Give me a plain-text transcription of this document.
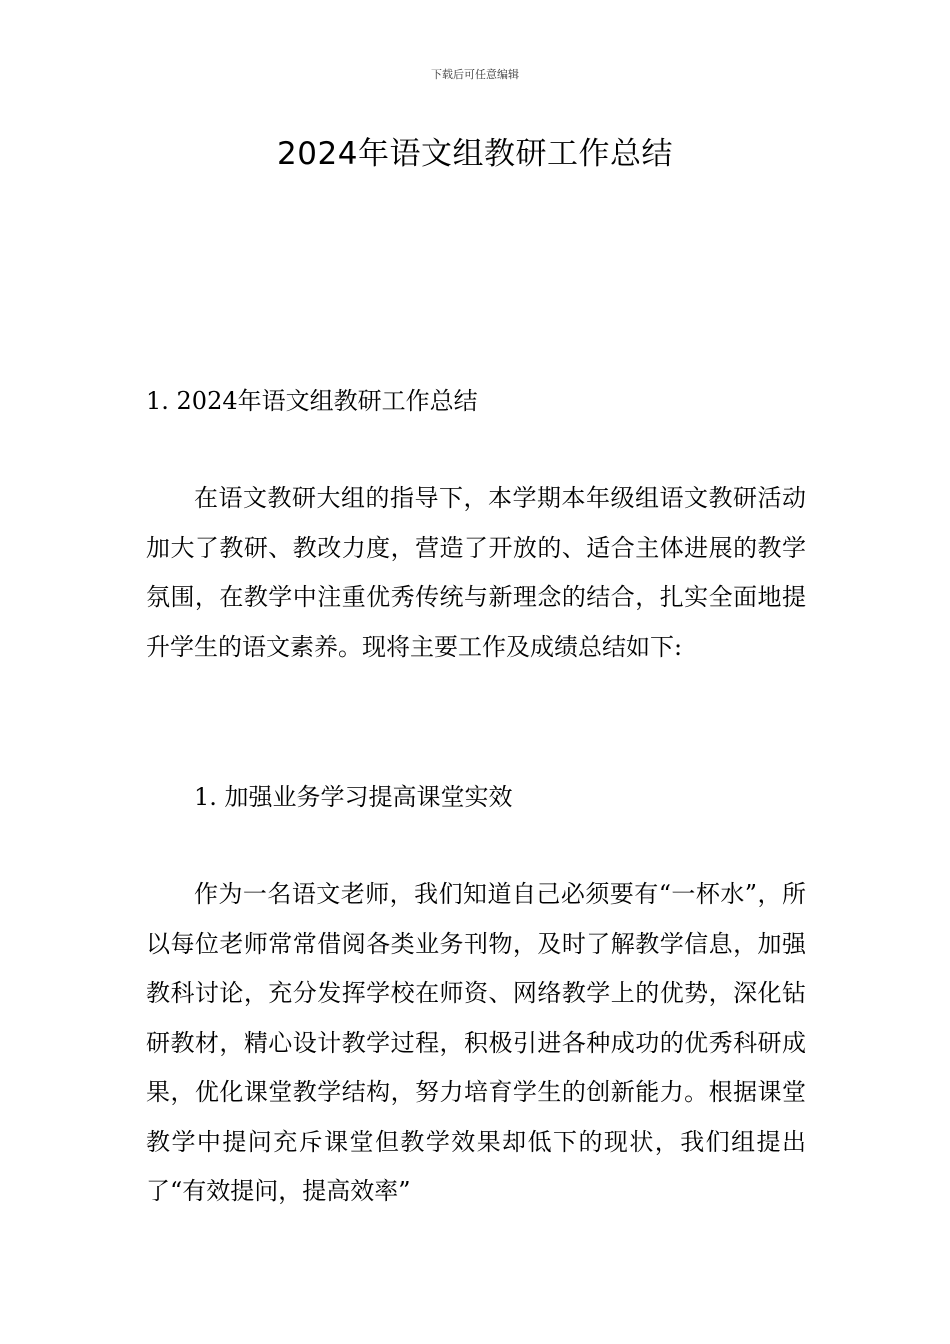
下载后可任意编辑
2024年语文组教研工作总结

1. 2024年语文组教研工作总结

在语文教研大组的指导下，本学期本年级组语文教研活动加大了教研、教改力度，营造了开放的、适合主体进展的教学氛围，在教学中注重优秀传统与新理念的结合，扎实全面地提升学生的语文素养。现将主要工作及成绩总结如下:

1. 加强业务学习提高课堂实效

作为一名语文老师，我们知道自己必须要有“一杯水”，所以每位老师常常借阅各类业务刊物，及时了解教学信息，加强教科讨论，充分发挥学校在师资、网络教学上的优势，深化钻研教材，精心设计教学过程，积极引进各种成功的优秀科研成果，优化课堂教学结构，努力培育学生的创新能力。根据课堂教学中提问充斥课堂但教学效果却低下的现状，我们组提出了“有效提问，提高效率”
